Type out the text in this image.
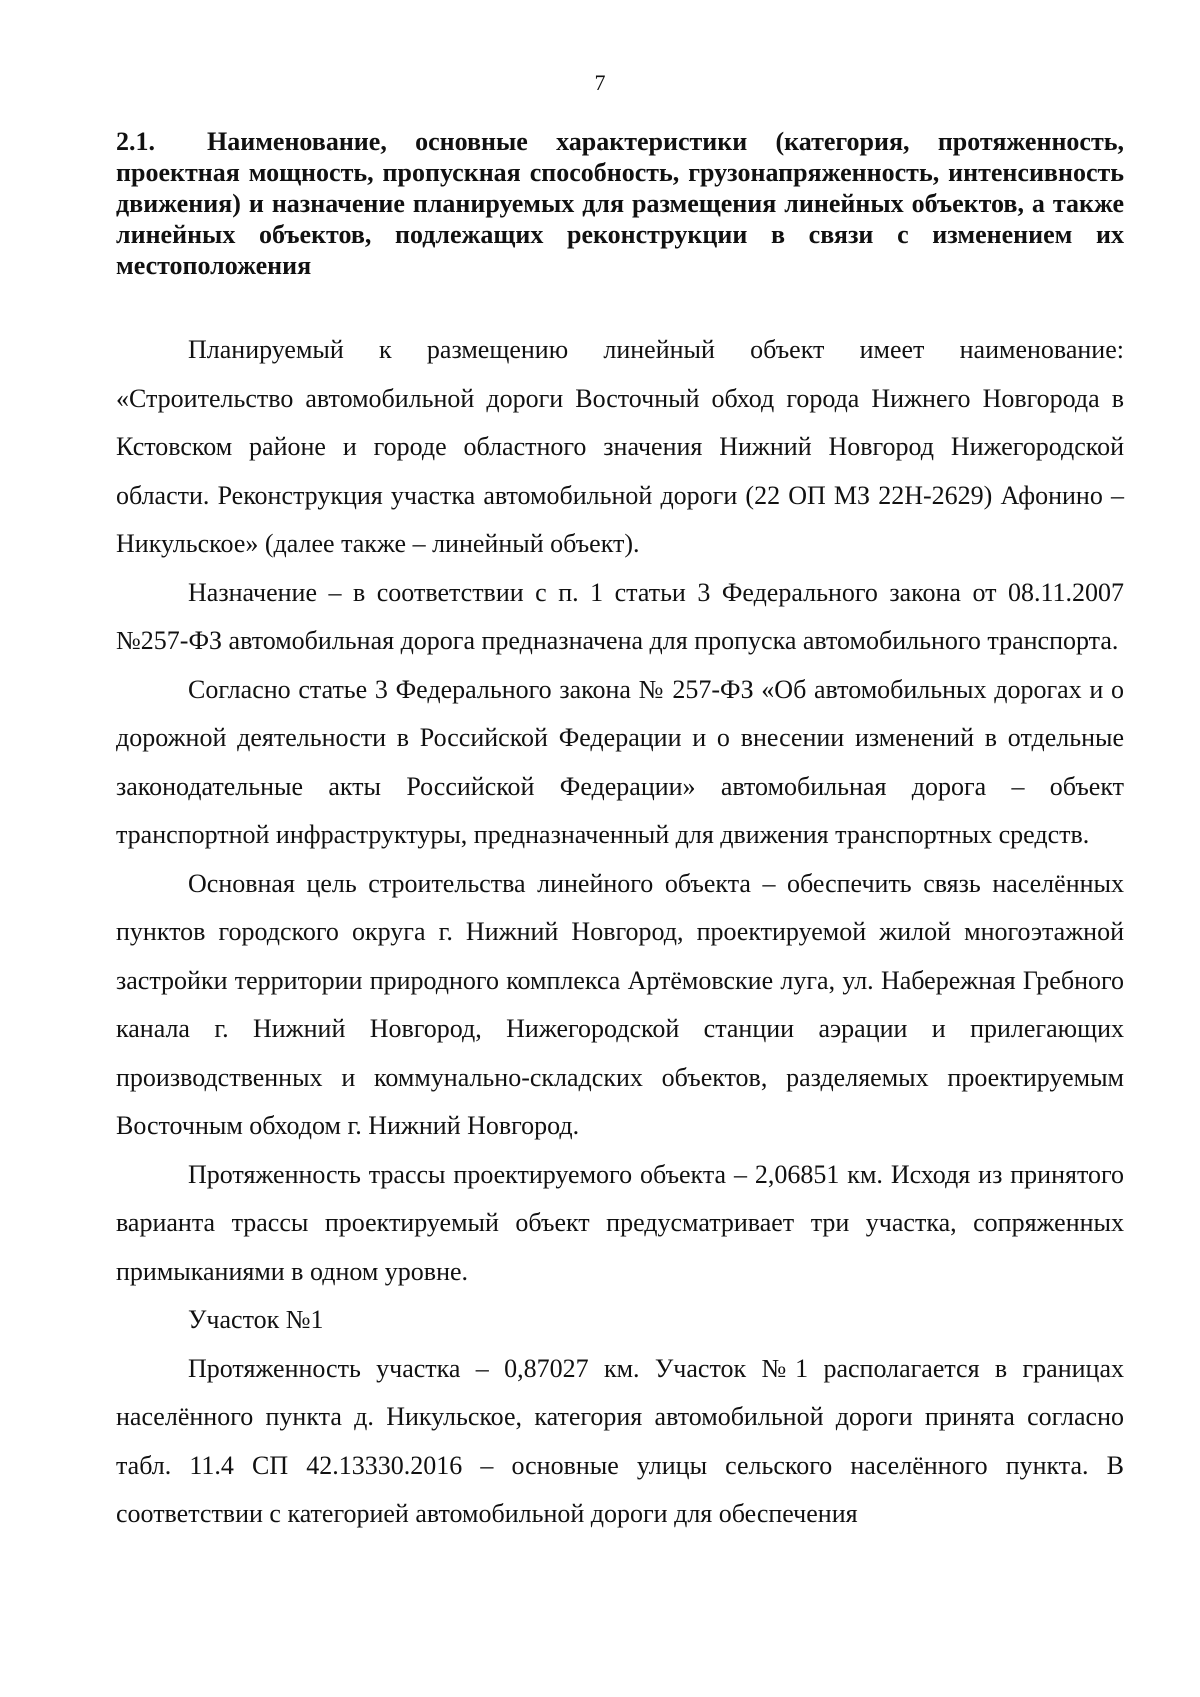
7
2.1.  Наименование, основные характеристики (категория, протяженность, проектная мощность, пропускная способность, грузонапряженность, интенсивность движения) и назначение планируемых для размещения линейных объектов, а также линейных объектов, подлежащих реконструкции в связи с изменением их местоположения

Планируемый к размещению линейный объект имеет наименование: «Строительство автомобильной дороги Восточный обход города Нижнего Новгорода в Кстовском районе и городе областного значения Нижний Новгород Нижегородской области. Реконструкция участка автомобильной дороги (22 ОП МЗ 22Н-2629) Афонино – Никульское» (далее также – линейный объект).

Назначение – в соответствии с п. 1 статьи 3 Федерального закона от 08.11.2007 №257-ФЗ автомобильная дорога предназначена для пропуска автомобильного транспорта.

Согласно статье 3 Федерального закона № 257-ФЗ «Об автомобильных дорогах и о дорожной деятельности в Российской Федерации и о внесении изменений в отдельные законодательные акты Российской Федерации» автомобильная дорога – объект транспортной инфраструктуры, предназначенный для движения транспортных средств.

Основная цель строительства линейного объекта – обеспечить связь населённых пунктов городского округа г. Нижний Новгород, проектируемой жилой многоэтажной застройки территории природного комплекса Артёмовские луга, ул. Набережная Гребного канала г. Нижний Новгород, Нижегородской станции аэрации и прилегающих производственных и коммунально-складских объектов, разделяемых проектируемым Восточным обходом г. Нижний Новгород.

Протяженность трассы проектируемого объекта – 2,06851 км. Исходя из принятого варианта трассы проектируемый объект предусматривает три участка, сопряженных примыканиями в одном уровне.

Участок №1

Протяженность участка – 0,87027 км. Участок №1 располагается в границах населённого пункта д. Никульское, категория автомобильной дороги принята согласно табл. 11.4 СП 42.13330.2016 – основные улицы сельского населённого пункта. В соответствии с категорией автомобильной дороги для обеспечения
